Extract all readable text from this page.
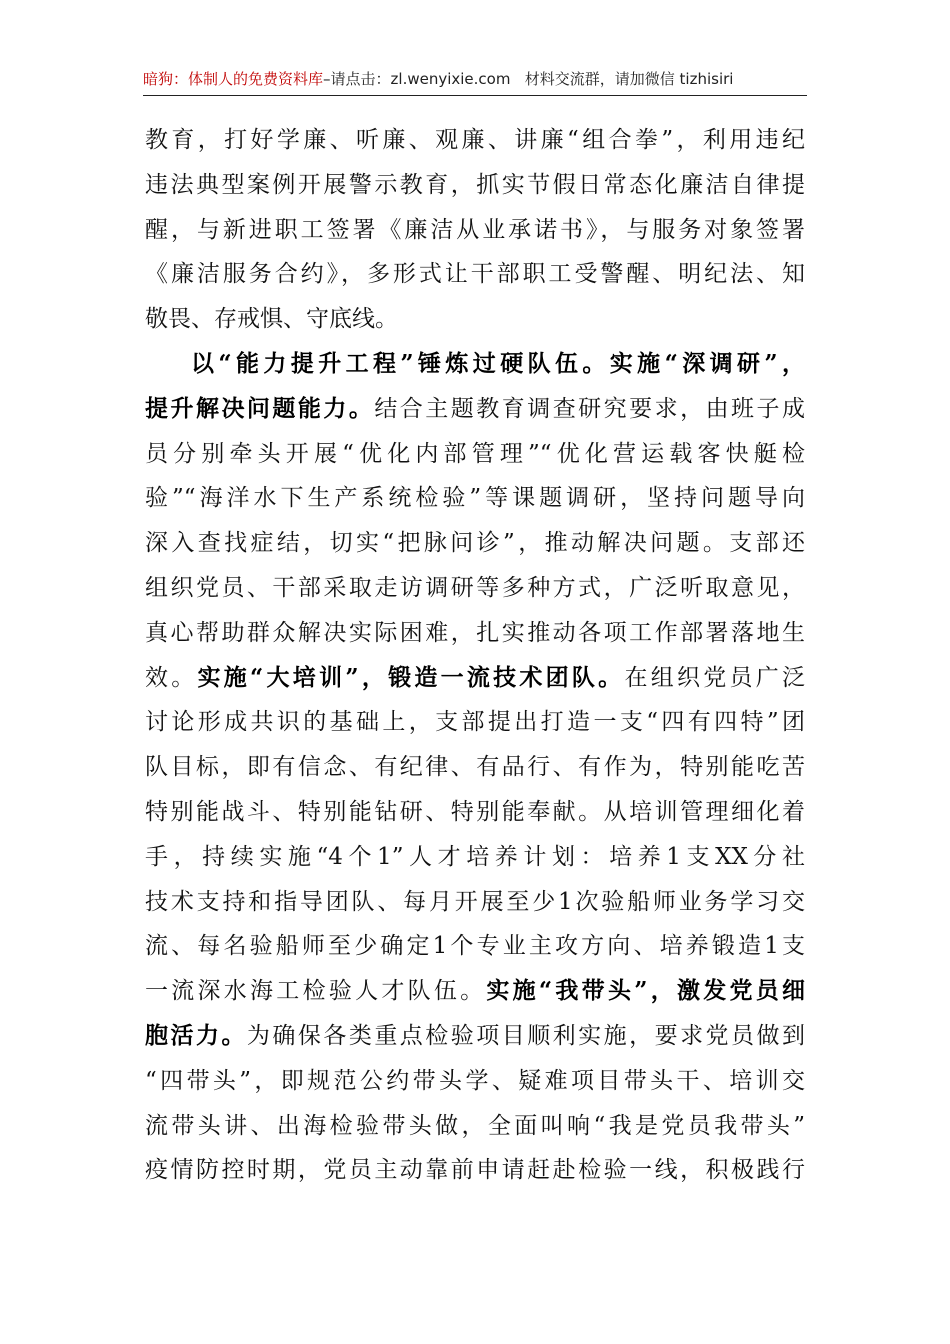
暗狗：体制人的免费资料库–请点击：zl.wenyixie.com 材料交流群，请加微信 tizhisiri
教育，打好学廉、听廉、观廉、讲廉“组合拳”，利用违纪
违法典型案例开展警示教育，抓实节假日常态化廉洁自律提
醒，与新进职工签署《廉洁从业承诺书》，与服务对象签署
《廉洁服务合约》，多形式让干部职工受警醒、明纪法、知
敬畏、存戒惧、守底线。
以“能力提升工程”锤炼过硬队伍。实施“深调研”，
提升解决问题能力。结合主题教育调查研究要求，由班子成
员分别牵头开展“优化内部管理”“优化营运载客快艇检
验”“海洋水下生产系统检验”等课题调研，坚持问题导向
深入查找症结，切实“把脉问诊”，推动解决问题。支部还
组织党员、干部采取走访调研等多种方式，广泛听取意见，
真心帮助群众解决实际困难，扎实推动各项工作部署落地生
效。实施“大培训”，锻造一流技术团队。在组织党员广泛
讨论形成共识的基础上，支部提出打造一支“四有四特”团
队目标，即有信念、有纪律、有品行、有作为，特别能吃苦
特别能战斗、特别能钻研、特别能奉献。从培训管理细化着
手，持续实施“4个1”人才培养计划：培养1支XX分社
技术支持和指导团队、每月开展至少1次验船师业务学习交
流、每名验船师至少确定1个专业主攻方向、培养锻造1支
一流深水海工检验人才队伍。实施“我带头”，激发党员细
胞活力。为确保各类重点检验项目顺利实施，要求党员做到
“四带头”，即规范公约带头学、疑难项目带头干、培训交
流带头讲、出海检验带头做，全面叫响“我是党员我带头”
疫情防控时期，党员主动靠前申请赶赴检验一线，积极践行
